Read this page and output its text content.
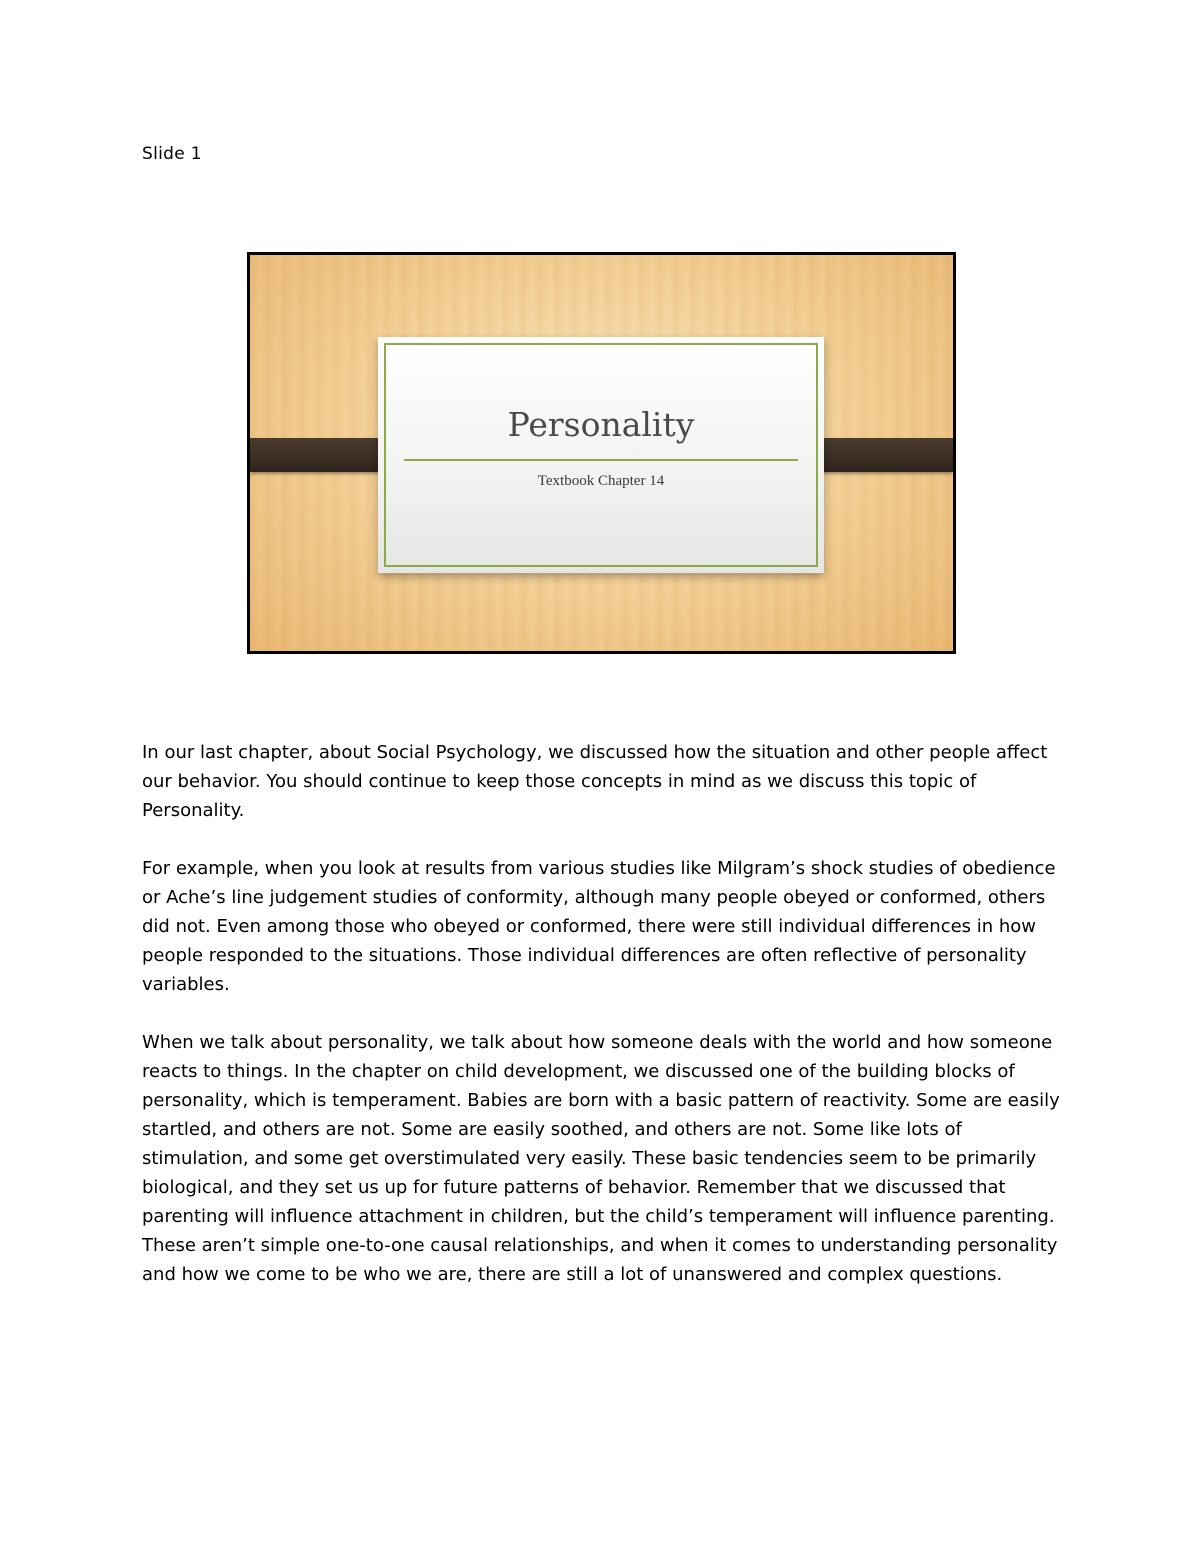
Slide 1
Personality
Textbook Chapter 14

In our last chapter, about Social Psychology, we discussed how the situation and other people affect our behavior. You should continue to keep those concepts in mind as we discuss this topic of Personality.

For example, when you look at results from various studies like Milgram’s shock studies of obedience or Ache’s line judgement studies of conformity, although many people obeyed or conformed, others did not. Even among those who obeyed or conformed, there were still individual differences in how people responded to the situations. Those individual differences are often reflective of personality variables.

When we talk about personality, we talk about how someone deals with the world and how someone reacts to things. In the chapter on child development, we discussed one of the building blocks of personality, which is temperament. Babies are born with a basic pattern of reactivity. Some are easily startled, and others are not. Some are easily soothed, and others are not. Some like lots of stimulation, and some get overstimulated very easily. These basic tendencies seem to be primarily biological, and they set us up for future patterns of behavior. Remember that we discussed that parenting will influence attachment in children, but the child’s temperament will influence parenting. These aren’t simple one-to-one causal relationships, and when it comes to understanding personality and how we come to be who we are, there are still a lot of unanswered and complex questions.
